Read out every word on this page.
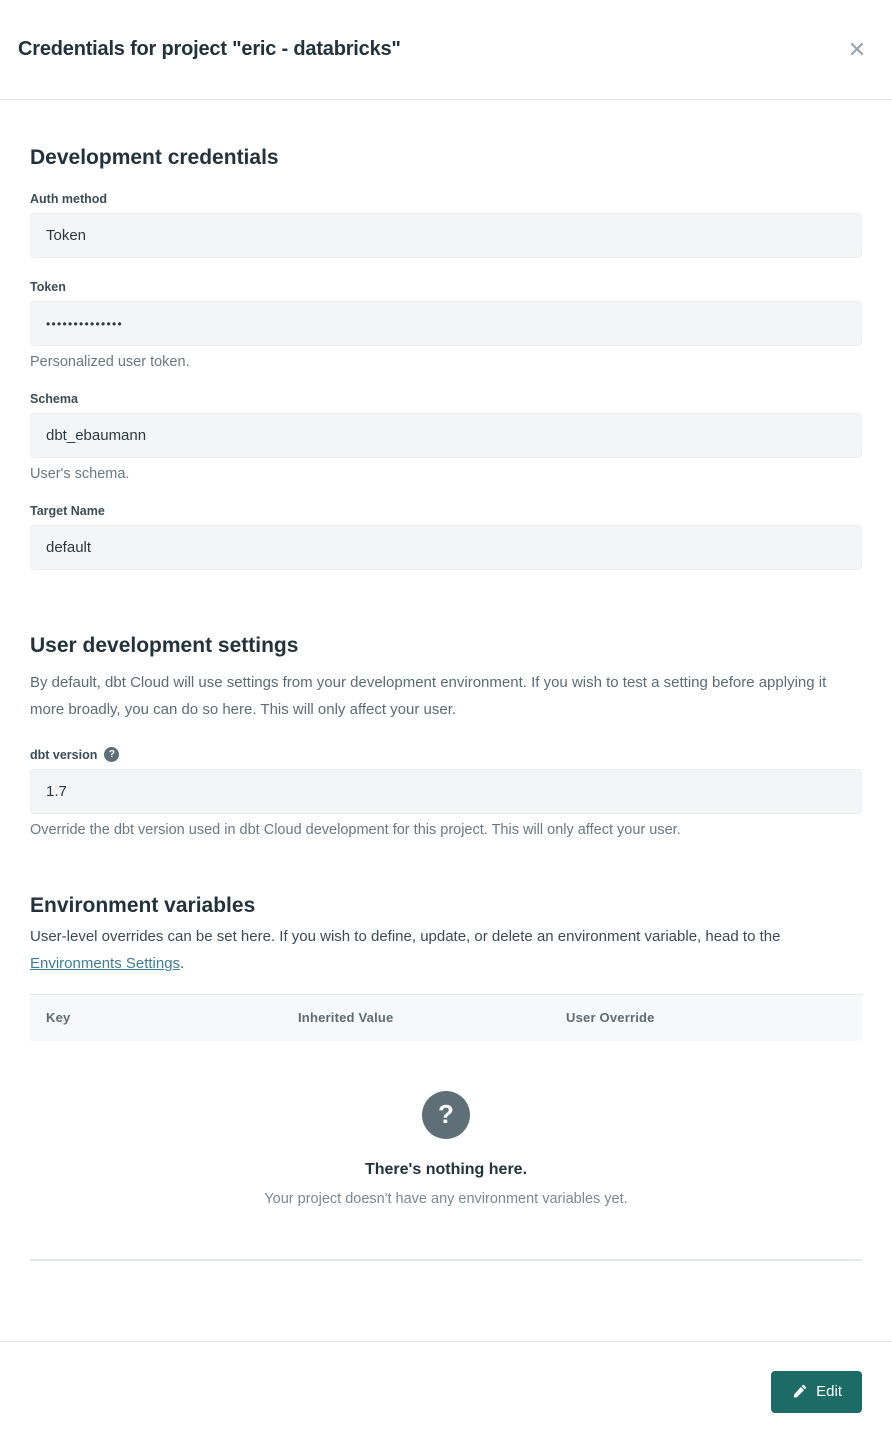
Credentials for project "eric - databricks"	✕
Development credentials
Auth method
Token
Token
••••••••••••••
Personalized user token.
Schema
dbt_ebaumann
User's schema.
Target Name
default
User development settings

By default, dbt Cloud will use settings from your development environment. If you wish to test a setting before applying it more broadly, you can do so here. This will only affect your user.

dbt version	?
1.7
Override the dbt version used in dbt Cloud development for this project. This will only affect your user.
Environment variables

User-level overrides can be set here. If you wish to define, update, or delete an environment variable, head to the Environments Settings.

Key	Inherited Value	User Override
?
There's nothing here.
Your project doesn't have any environment variables yet.
Edit
